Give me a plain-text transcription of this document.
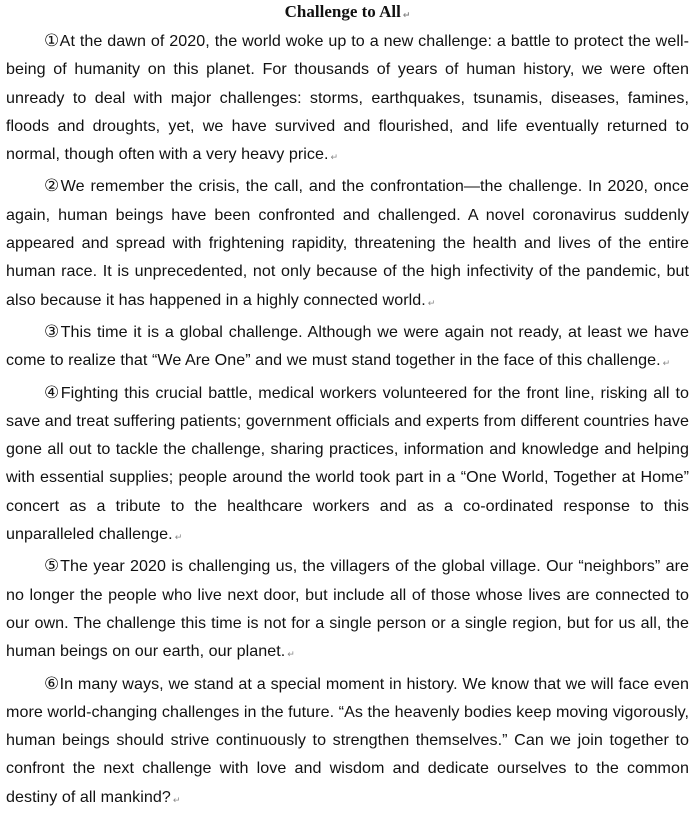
Challenge to All ↵

①At the dawn of 2020, the world woke up to a new challenge: a battle to protect the well-being of humanity on this planet. For thousands of years of human history, we were often unready to deal with major challenges: storms, earthquakes, tsunamis, diseases, famines, floods and droughts, yet, we have survived and flourished, and life eventually returned to normal, though often with a very heavy price. ↵

②We remember the crisis, the call, and the confrontation—the challenge. In 2020, once again, human beings have been confronted and challenged. A novel coronavirus suddenly appeared and spread with frightening rapidity, threatening the health and lives of the entire human race. It is unprecedented, not only because of the high infectivity of the pandemic, but also because it has happened in a highly connected world. ↵

③This time it is a global challenge. Although we were again not ready, at least we have come to realize that “We Are One” and we must stand together in the face of this challenge. ↵

④Fighting this crucial battle, medical workers volunteered for the front line, risking all to save and treat suffering patients; government officials and experts from different countries have gone all out to tackle the challenge, sharing practices, information and knowledge and helping with essential supplies; people around the world took part in a “One World, Together at Home” concert as a tribute to the healthcare workers and as a co-ordinated response to this unparalleled challenge. ↵

⑤The year 2020 is challenging us, the villagers of the global village. Our “neighbors” are no longer the people who live next door, but include all of those whose lives are connected to our own. The challenge this time is not for a single person or a single region, but for us all, the human beings on our earth, our planet. ↵

⑥In many ways, we stand at a special moment in history. We know that we will face even more world-changing challenges in the future. “As the heavenly bodies keep moving vigorously, human beings should strive continuously to strengthen themselves.” Can we join together to confront the next challenge with love and wisdom and dedicate ourselves to the common destiny of all mankind? ↵
